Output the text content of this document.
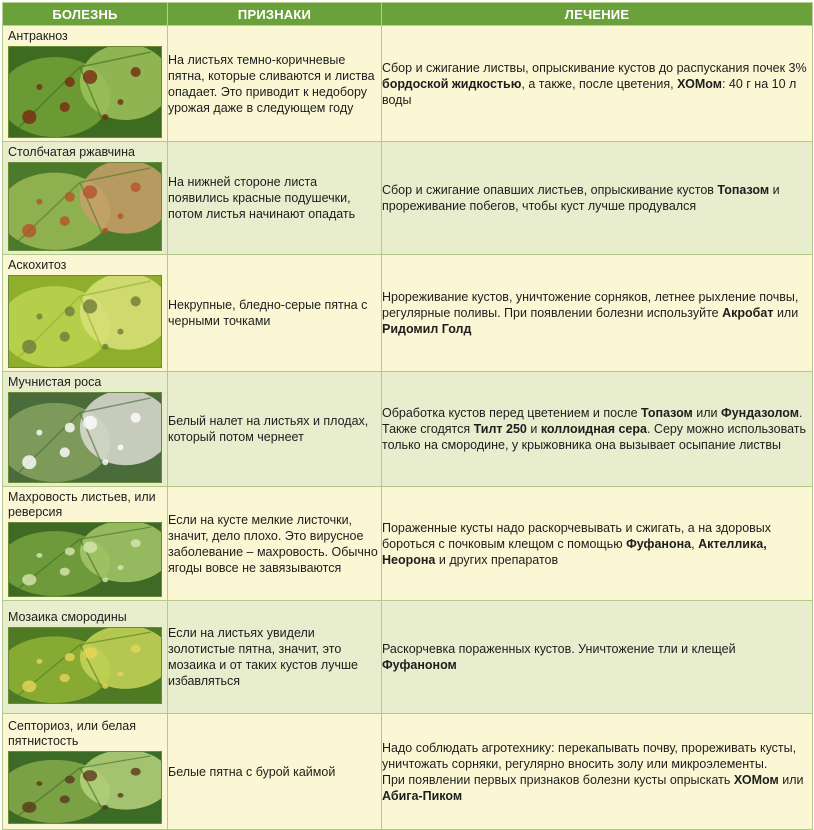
БОЛЕЗНЬ	ПРИЗНАКИ	ЛЕЧЕНИЕ

Антракноз	На листьях темно-коричневые пятна, которые сливаются и листва опадает. Это приводит к недобору урожая даже в следующем году	Сбор и сжигание листвы, опрыскивание кустов до распускания почек 3% бордоской жидкостью, а также, после цветения, ХОМом: 40 г на 10 л воды

Столбчатая ржавчина	На нижней стороне листа появились красные подушечки, потом листья начинают опадать	Сбор и сжигание опавших листьев, опрыскивание кустов Топазом и прореживание побегов, чтобы куст лучше продувался

Аскохитоз	Некрупные, бледно-серые пятна с черными точками	Нрореживание кустов, уничтожение сорняков, летнее рыхление почвы, регулярные поливы. При появлении болезни используйте Акробат или Ридомил Голд

Мучнистая роса	Белый налет на листьях и плодах, который потом чернеет	Обработка кустов перед цветением и после Топазом или Фундазолом. Также сгодятся Тилт 250 и коллоидная сера. Серу можно использовать только на смородине, у крыжовника она вызывает осыпание листвы

Махровость листьев, или реверсия	Если на кусте мелкие листочки, значит, дело плохо. Это вирусное заболевание – махровость. Обычно ягоды вовсе не завязываются	Пораженные кусты надо раскорчевывать и сжигать, а на здоровых бороться с почковым клещом с помощью Фуфанона, Актеллика, Неорона и других препаратов

Мозаика смородины	Если на листьях увидели золотистые пятна, значит, это мозаика и от таких кустов лучше избавляться	Раскорчевка пораженных кустов. Уничтожение тли и клещей Фуфаноном

Септориоз, или белая пятнистость	Белые пятна с бурой каймой	Надо соблюдать агротехнику: перекапывать почву, прореживать кусты, уничтожать сорняки, регулярно вносить золу или микроэлементы.
При появлении первых признаков болезни кусты опрыскать ХОМом или Абига-Пиком
